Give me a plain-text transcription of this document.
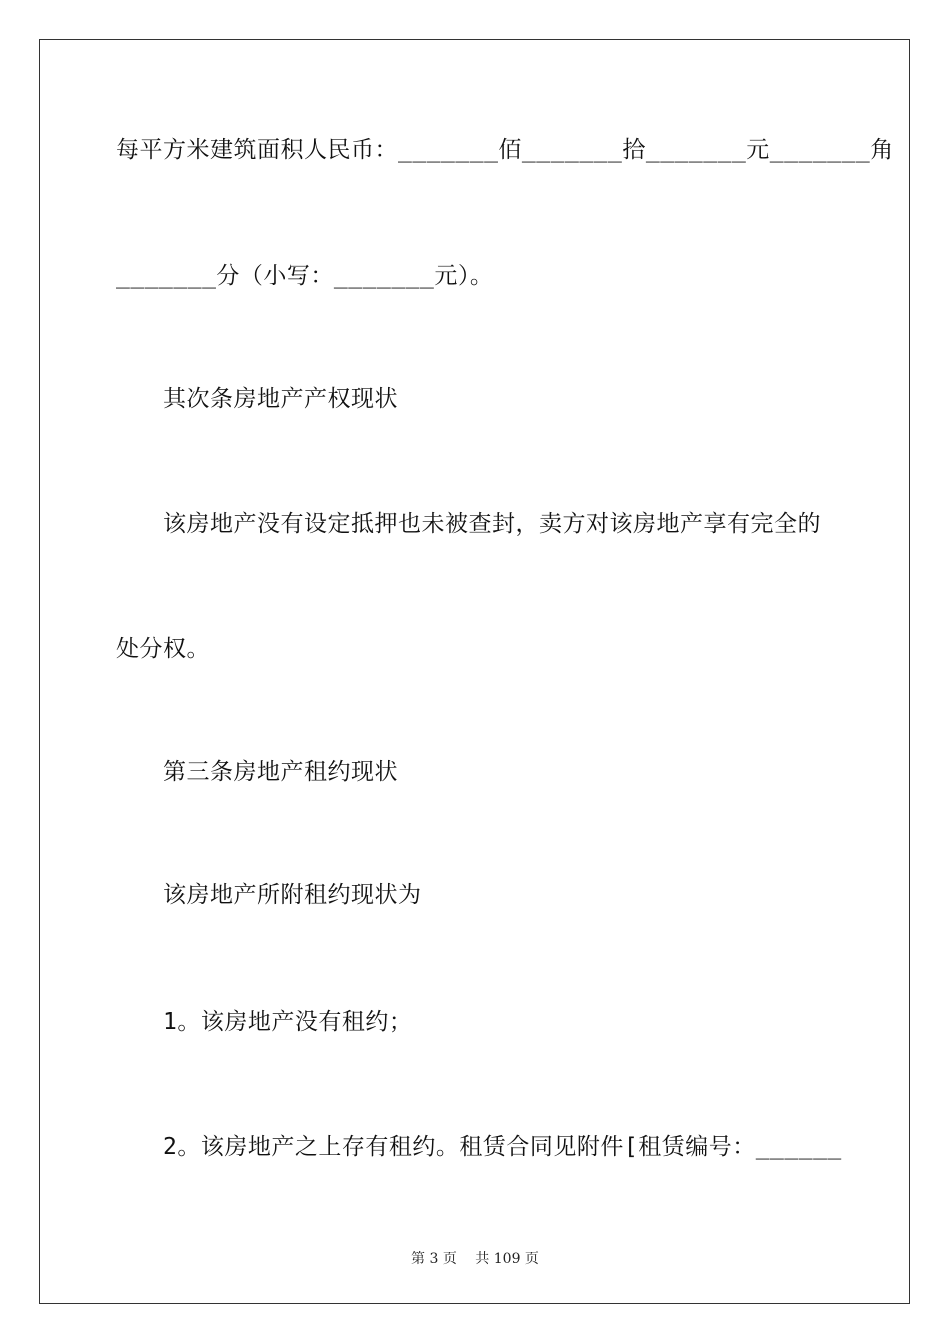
每平方米建筑面积人民币：_______佰_______拾_______元_______角
_______分（小写：_______元）。
其次条房地产产权现状
该房地产没有设定抵押也未被查封，卖方对该房地产享有完全的
处分权。
第三条房地产租约现状
该房地产所附租约现状为
1。该房地产没有租约；
2。该房地产之上存有租约。租赁合同见附件[租赁编号：______
第 3 页　 共 109 页
